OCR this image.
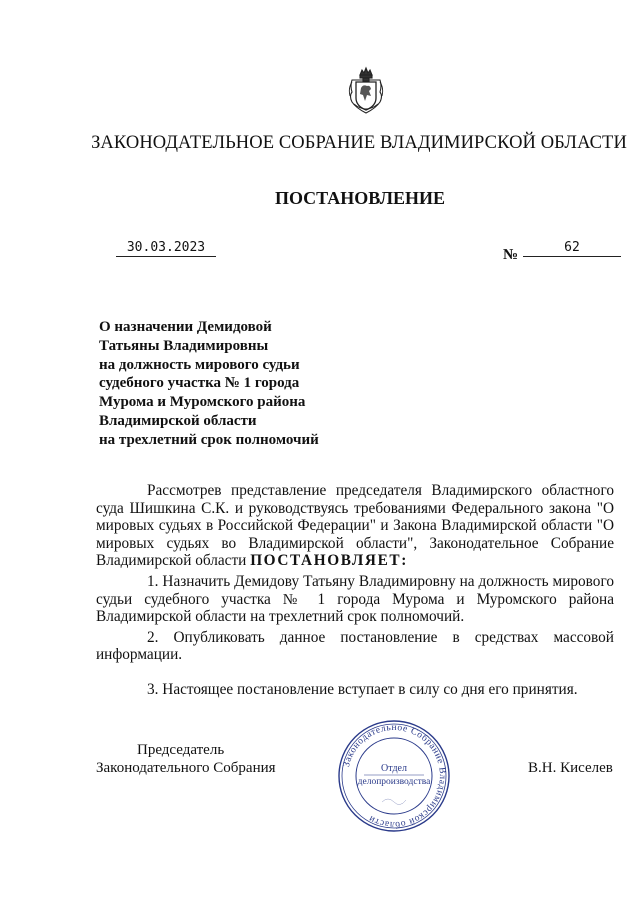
ЗАКОНОДАТЕЛЬНОЕ СОБРАНИЕ ВЛАДИМИРСКОЙ ОБЛАСТИ
ПОСТАНОВЛЕНИЕ
30.03.2023	№	62
О назначении Демидовой
Татьяны Владимировны
на должность мирового судьи
судебного участка № 1 города
Мурома и Муромского района
Владимирской области
на трехлетний срок полномочий

Рассмотрев представление председателя Владимирского областного суда Шишкина С.К. и руководствуясь требованиями Федерального закона "О мировых судьях в Российской Федерации" и Закона Владимирской области "О мировых судьях во Владимирской области", Законодательное Собрание Владимирской области ПОСТАНОВЛЯЕТ:

1. Назначить Демидову Татьяну Владимировну на должность мирового судьи судебного участка № 1 города Мурома и Муромского района Владимирской области на трехлетний срок полномочий.

2. Опубликовать данное постановление в средствах массовой информации.

3. Настоящее постановление вступает в силу со дня его принятия.

Председатель
Законодательного Собрания	Законодательное Собрание Владимирской области
Отдел
делопроизводства
В.Н. Киселев
